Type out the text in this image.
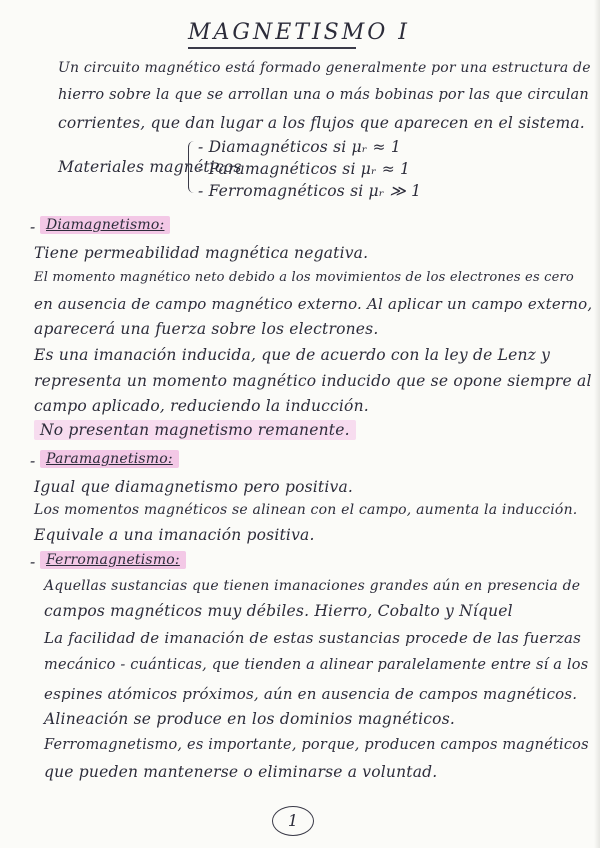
MAGNETISMO I
Un circuito magnético está formado generalmente por una estructura de
hierro sobre la que se arrollan una o más bobinas por las que circulan
corrientes, que dan lugar a los flujos que aparecen en el sistema.
Materiales magnéticos
- Diamagnéticos si μᵣ ≈ 1
- Paramagnéticos si μᵣ ≈ 1
- Ferromagnéticos si μᵣ ≫ 1
- Diamagnetismo:
Tiene permeabilidad magnética negativa.
El momento magnético neto debido a los movimientos de los electrones es cero
en ausencia de campo magnético externo. Al aplicar un campo externo,
aparecerá una fuerza sobre los electrones.
Es una imanación inducida, que de acuerdo con la ley de Lenz y
representa un momento magnético inducido que se opone siempre al
campo aplicado, reduciendo la inducción.
No presentan magnetismo remanente.
- Paramagnetismo:
Igual que diamagnetismo pero positiva.
Los momentos magnéticos se alinean con el campo, aumenta la inducción.
Equivale a una imanación positiva.
- Ferromagnetismo:
Aquellas sustancias que tienen imanaciones grandes aún en presencia de
campos magnéticos muy débiles. Hierro, Cobalto y Níquel
La facilidad de imanación de estas sustancias procede de las fuerzas
mecánico - cuánticas, que tienden a alinear paralelamente entre sí a los
espines atómicos próximos, aún en ausencia de campos magnéticos.
Alineación se produce en los dominios magnéticos.
Ferromagnetismo, es importante, porque, producen campos magnéticos
que pueden mantenerse o eliminarse a voluntad.
1
